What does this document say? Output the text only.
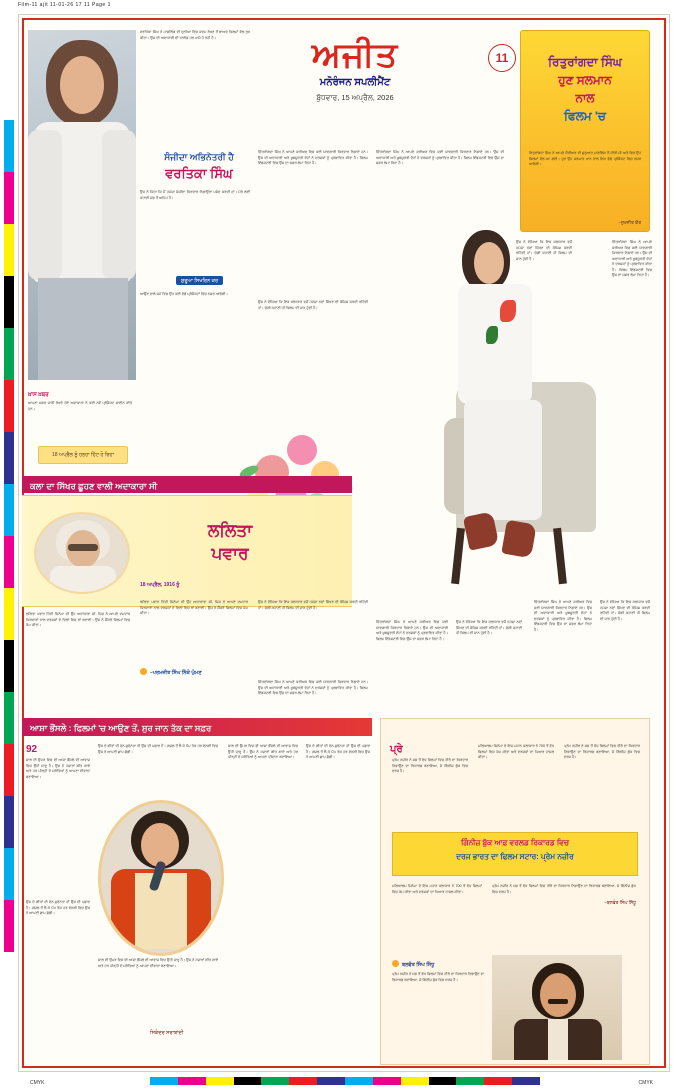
Film-11 ajit 11-01-26 17 11 Page 1
ਅਜੀਤ
ਮਨੋਰੰਜਨ ਸਪਲੀਮੈਂਟ
ਬੁੱਧਵਾਰ, 15 ਅਪ੍ਰੈਲ, 2026
11	ਰਿਤੁਰਾਂਗਦਾ ਸਿੰਘ
ਹੁਣ ਸਲਮਾਨ
ਨਾਲ
ਫਿਲਮ 'ਚ
ਰਿਤੁਰਾਂਗਦਾ ਸਿੰਘ ਨੇ ਆਪਣੇ ਕੈਰੀਅਰ ਦੀ ਸ਼ੁਰੂਆਤ ਮਾਡਲਿੰਗ ਤੋਂ ਕੀਤੀ ਸੀ ਅਤੇ ਫਿਰ ਉਹ ਫਿਲਮਾਂ ਵੱਲ ਆ ਗਈ। ਹੁਣ ਉਹ ਸਲਮਾਨ ਖਾਨ ਨਾਲ ਇਕ ਵੱਡੇ ਪ੍ਰੋਜੈਕਟ ਵਿਚ ਨਜ਼ਰ ਆਵੇਗੀ।
–ਸੁਖਜੀਤ ਕੌਰ
ਵਰਤਿਕਾ ਸਿੰਘ ਨੇ ਮਾਡਲਿੰਗ ਦੀ ਦੁਨੀਆ ਵਿਚ ਕਦਮ ਰੱਖਣ ਤੋਂ ਬਾਅਦ ਫਿਲਮਾਂ ਵੱਲ ਰੁਖ ਕੀਤਾ। ਉਸ ਦੀ ਅਦਾਕਾਰੀ ਦੀ ਤਾਰੀਫ਼ ਹਰ ਪਾਸੇ ਹੋ ਰਹੀ ਹੈ।
ਸੰਜੀਦਾ ਅਭਿਨੇਤਰੀ ਹੈ
ਵਰਤਿਕਾ ਸਿੰਘ
ਉਸ ਨੇ ਕਿਹਾ ਕਿ ਮੈਂ ਹਮੇਸ਼ਾ ਸੰਜੀਦਾ ਕਿਰਦਾਰ ਨਿਭਾਉਣਾ ਪਸੰਦ ਕਰਦੀ ਹਾਂ। ਮੇਰੇ ਲਈ ਕਹਾਣੀ ਸਭ ਤੋਂ ਅਹਿਮ ਹੈ।
ਸ਼ੁਰੂਆ ਸਿਖਰਿਨ ਕਰ
ਆਉਣ ਵਾਲੇ ਸਮੇਂ ਵਿਚ ਉਹ ਕਈ ਵੱਡੇ ਪ੍ਰੋਜੈਕਟਾਂ ਵਿਚ ਨਜ਼ਰ ਆਵੇਗੀ।
ਖ਼ਾਸ ਖ਼ਬਰ
ਆਪਣਾ ਸਫ਼ਰ ਜਾਰੀ ਰੱਖਦੇ ਹੋਏ ਅਦਾਕਾਰਾ ਨੇ ਕਈ ਨਵੇਂ ਪ੍ਰੋਜੈਕਟ ਸਾਈਨ ਕੀਤੇ ਹਨ।
18 ਅਪ੍ਰੈਲ ਨੂੰ ਹਨ੍ਹਾ ਹਿੱਟ ਹੋ ਰਿਹਾ
ਚਿੱਤਰਾਂਗਦਾ ਸਿੰਘ ਨੇ ਆਪਣੇ ਕਰੀਅਰ ਵਿਚ ਕਈ ਯਾਦਗਾਰੀ ਕਿਰਦਾਰ ਨਿਭਾਏ ਹਨ। ਉਸ ਦੀ ਅਦਾਕਾਰੀ ਅਤੇ ਖ਼ੂਬਸੂਰਤੀ ਦੋਹਾਂ ਨੇ ਦਰਸ਼ਕਾਂ ਨੂੰ ਪ੍ਰਭਾਵਿਤ ਕੀਤਾ ਹੈ। ਫਿਲਮ ਇੰਡਸਟਰੀ ਵਿਚ ਉਸ ਦਾ ਸਫ਼ਰ ਲੰਮਾ ਰਿਹਾ ਹੈ।
ਉਸ ਨੇ ਦੱਸਿਆ ਕਿ ਇਕ ਕਲਾਕਾਰ ਵਜੋਂ ਹਮੇਸ਼ਾ ਨਵਾਂ ਸਿੱਖਣ ਦੀ ਕੋਸ਼ਿਸ਼ ਕਰਦੀ ਰਹਿੰਦੀ ਹਾਂ। ਚੰਗੀ ਕਹਾਣੀ ਹੀ ਫਿਲਮ ਦੀ ਜਾਨ ਹੁੰਦੀ ਹੈ।
ਚਿੱਤਰਾਂਗਦਾ ਸਿੰਘ ਨੇ ਆਪਣੇ ਕਰੀਅਰ ਵਿਚ ਕਈ ਯਾਦਗਾਰੀ ਕਿਰਦਾਰ ਨਿਭਾਏ ਹਨ। ਉਸ ਦੀ ਅਦਾਕਾਰੀ ਅਤੇ ਖ਼ੂਬਸੂਰਤੀ ਦੋਹਾਂ ਨੇ ਦਰਸ਼ਕਾਂ ਨੂੰ ਪ੍ਰਭਾਵਿਤ ਕੀਤਾ ਹੈ। ਫਿਲਮ ਇੰਡਸਟਰੀ ਵਿਚ ਉਸ ਦਾ ਸਫ਼ਰ ਲੰਮਾ ਰਿਹਾ ਹੈ।
ਉਸ ਨੇ ਦੱਸਿਆ ਕਿ ਇਕ ਕਲਾਕਾਰ ਵਜੋਂ ਹਮੇਸ਼ਾ ਨਵਾਂ ਸਿੱਖਣ ਦੀ ਕੋਸ਼ਿਸ਼ ਕਰਦੀ ਰਹਿੰਦੀ ਹਾਂ। ਚੰਗੀ ਕਹਾਣੀ ਹੀ ਫਿਲਮ ਦੀ ਜਾਨ ਹੁੰਦੀ ਹੈ।
ਚਿੱਤਰਾਂਗਦਾ ਸਿੰਘ ਨੇ ਆਪਣੇ ਕਰੀਅਰ ਵਿਚ ਕਈ ਯਾਦਗਾਰੀ ਕਿਰਦਾਰ ਨਿਭਾਏ ਹਨ। ਉਸ ਦੀ ਅਦਾਕਾਰੀ ਅਤੇ ਖ਼ੂਬਸੂਰਤੀ ਦੋਹਾਂ ਨੇ ਦਰਸ਼ਕਾਂ ਨੂੰ ਪ੍ਰਭਾਵਿਤ ਕੀਤਾ ਹੈ। ਫਿਲਮ ਇੰਡਸਟਰੀ ਵਿਚ ਉਸ ਦਾ ਸਫ਼ਰ ਲੰਮਾ ਰਿਹਾ ਹੈ।
ਕਲਾ ਦਾ ਸਿੱਖਰ ਛੂਹਣ ਵਾਲੀ ਅਦਾਕਾਰਾ ਸੀ
ਲਲਿਤਾ
ਪਵਾਰ
ਲਲਿਤਾ ਪਵਾਰ ਹਿੰਦੀ ਸਿਨੇਮਾ ਦੀ ਉਹ ਅਦਾਕਾਰਾ ਸੀ, ਜਿਸ ਨੇ ਆਪਣੇ ਦਮਦਾਰ ਕਿਰਦਾਰਾਂ ਨਾਲ ਦਰਸ਼ਕਾਂ ਦੇ ਦਿਲਾਂ ਵਿਚ ਥਾਂ ਬਣਾਈ। ਉਸ ਨੇ ਸੈਂਕੜੇ ਫਿਲਮਾਂ ਵਿਚ ਕੰਮ ਕੀਤਾ।
ਲਲਿਤਾ ਪਵਾਰ ਹਿੰਦੀ ਸਿਨੇਮਾ ਦੀ ਉਹ ਅਦਾਕਾਰਾ ਸੀ, ਜਿਸ ਨੇ ਆਪਣੇ ਦਮਦਾਰ ਕਿਰਦਾਰਾਂ ਨਾਲ ਦਰਸ਼ਕਾਂ ਦੇ ਦਿਲਾਂ ਵਿਚ ਥਾਂ ਬਣਾਈ। ਉਸ ਨੇ ਸੈਂਕੜੇ ਫਿਲਮਾਂ ਵਿਚ ਕੰਮ ਕੀਤਾ।
18 ਅਪ੍ਰੈਲ, 1916 ਨੂੰ
–ਪਰਮਜੀਤ ਸਿੰਘ ਨਿੱਕੇ ਘੁੰਮਣ
ਉਸ ਨੇ ਦੱਸਿਆ ਕਿ ਇਕ ਕਲਾਕਾਰ ਵਜੋਂ ਹਮੇਸ਼ਾ ਨਵਾਂ ਸਿੱਖਣ ਦੀ ਕੋਸ਼ਿਸ਼ ਕਰਦੀ ਰਹਿੰਦੀ ਹਾਂ। ਚੰਗੀ ਕਹਾਣੀ ਹੀ ਫਿਲਮ ਦੀ ਜਾਨ ਹੁੰਦੀ ਹੈ।
ਚਿੱਤਰਾਂਗਦਾ ਸਿੰਘ ਨੇ ਆਪਣੇ ਕਰੀਅਰ ਵਿਚ ਕਈ ਯਾਦਗਾਰੀ ਕਿਰਦਾਰ ਨਿਭਾਏ ਹਨ। ਉਸ ਦੀ ਅਦਾਕਾਰੀ ਅਤੇ ਖ਼ੂਬਸੂਰਤੀ ਦੋਹਾਂ ਨੇ ਦਰਸ਼ਕਾਂ ਨੂੰ ਪ੍ਰਭਾਵਿਤ ਕੀਤਾ ਹੈ। ਫਿਲਮ ਇੰਡਸਟਰੀ ਵਿਚ ਉਸ ਦਾ ਸਫ਼ਰ ਲੰਮਾ ਰਿਹਾ ਹੈ।
ਚਿੱਤਰਾਂਗਦਾ ਸਿੰਘ ਨੇ ਆਪਣੇ ਕਰੀਅਰ ਵਿਚ ਕਈ ਯਾਦਗਾਰੀ ਕਿਰਦਾਰ ਨਿਭਾਏ ਹਨ। ਉਸ ਦੀ ਅਦਾਕਾਰੀ ਅਤੇ ਖ਼ੂਬਸੂਰਤੀ ਦੋਹਾਂ ਨੇ ਦਰਸ਼ਕਾਂ ਨੂੰ ਪ੍ਰਭਾਵਿਤ ਕੀਤਾ ਹੈ। ਫਿਲਮ ਇੰਡਸਟਰੀ ਵਿਚ ਉਸ ਦਾ ਸਫ਼ਰ ਲੰਮਾ ਰਿਹਾ ਹੈ।
ਉਸ ਨੇ ਦੱਸਿਆ ਕਿ ਇਕ ਕਲਾਕਾਰ ਵਜੋਂ ਹਮੇਸ਼ਾ ਨਵਾਂ ਸਿੱਖਣ ਦੀ ਕੋਸ਼ਿਸ਼ ਕਰਦੀ ਰਹਿੰਦੀ ਹਾਂ। ਚੰਗੀ ਕਹਾਣੀ ਹੀ ਫਿਲਮ ਦੀ ਜਾਨ ਹੁੰਦੀ ਹੈ।
ਚਿੱਤਰਾਂਗਦਾ ਸਿੰਘ ਨੇ ਆਪਣੇ ਕਰੀਅਰ ਵਿਚ ਕਈ ਯਾਦਗਾਰੀ ਕਿਰਦਾਰ ਨਿਭਾਏ ਹਨ। ਉਸ ਦੀ ਅਦਾਕਾਰੀ ਅਤੇ ਖ਼ੂਬਸੂਰਤੀ ਦੋਹਾਂ ਨੇ ਦਰਸ਼ਕਾਂ ਨੂੰ ਪ੍ਰਭਾਵਿਤ ਕੀਤਾ ਹੈ। ਫਿਲਮ ਇੰਡਸਟਰੀ ਵਿਚ ਉਸ ਦਾ ਸਫ਼ਰ ਲੰਮਾ ਰਿਹਾ ਹੈ।
ਉਸ ਨੇ ਦੱਸਿਆ ਕਿ ਇਕ ਕਲਾਕਾਰ ਵਜੋਂ ਹਮੇਸ਼ਾ ਨਵਾਂ ਸਿੱਖਣ ਦੀ ਕੋਸ਼ਿਸ਼ ਕਰਦੀ ਰਹਿੰਦੀ ਹਾਂ। ਚੰਗੀ ਕਹਾਣੀ ਹੀ ਫਿਲਮ ਦੀ ਜਾਨ ਹੁੰਦੀ ਹੈ।
ਆਸ਼ਾ ਭੌਂਸਲੇ : ਫਿਲਮਾਂ 'ਚ ਆਉਣ ਤੋਂ, ਸੁਰ ਜਾਨ ਤੱਕ ਦਾ ਸਫ਼ਰ
92
ਸਾਲ ਦੀ ਉਮਰ ਵਿਚ ਵੀ ਆਸ਼ਾ ਭੌਂਸਲੇ ਦੀ ਆਵਾਜ਼ ਵਿਚ ਉਹੀ ਜਾਦੂ ਹੈ। ਉਸ ਨੇ ਹਜ਼ਾਰਾਂ ਗੀਤ ਗਾਏ ਅਤੇ ਹਰ ਪੀੜ੍ਹੀ ਦੇ ਸਰੋਤਿਆਂ ਨੂੰ ਆਪਣਾ ਦੀਵਾਨਾ ਬਣਾਇਆ।
ਉਸ ਦੇ ਗੀਤਾਂ ਦੀ ਵੰਨ-ਸੁਵੰਨਤਾ ਹੀ ਉਸ ਦੀ ਪਛਾਣ ਹੈ। ਗ਼ਜ਼ਲ ਤੋਂ ਲੈ ਕੇ ਪੌਪ ਤੱਕ ਹਰ ਵੰਨਗੀ ਵਿਚ ਉਸ ਨੇ ਆਪਣੀ ਛਾਪ ਛੱਡੀ।
ਉਸ ਦੇ ਗੀਤਾਂ ਦੀ ਵੰਨ-ਸੁਵੰਨਤਾ ਹੀ ਉਸ ਦੀ ਪਛਾਣ ਹੈ। ਗ਼ਜ਼ਲ ਤੋਂ ਲੈ ਕੇ ਪੌਪ ਤੱਕ ਹਰ ਵੰਨਗੀ ਵਿਚ ਉਸ ਨੇ ਆਪਣੀ ਛਾਪ ਛੱਡੀ।
ਸਾਲ ਦੀ ਉਮਰ ਵਿਚ ਵੀ ਆਸ਼ਾ ਭੌਂਸਲੇ ਦੀ ਆਵਾਜ਼ ਵਿਚ ਉਹੀ ਜਾਦੂ ਹੈ। ਉਸ ਨੇ ਹਜ਼ਾਰਾਂ ਗੀਤ ਗਾਏ ਅਤੇ ਹਰ ਪੀੜ੍ਹੀ ਦੇ ਸਰੋਤਿਆਂ ਨੂੰ ਆਪਣਾ ਦੀਵਾਨਾ ਬਣਾਇਆ।
ਸਿਕੰਦਰ ਸਰਾਬਾਂਦੀ
ਸਾਲ ਦੀ ਉਮਰ ਵਿਚ ਵੀ ਆਸ਼ਾ ਭੌਂਸਲੇ ਦੀ ਆਵਾਜ਼ ਵਿਚ ਉਹੀ ਜਾਦੂ ਹੈ। ਉਸ ਨੇ ਹਜ਼ਾਰਾਂ ਗੀਤ ਗਾਏ ਅਤੇ ਹਰ ਪੀੜ੍ਹੀ ਦੇ ਸਰੋਤਿਆਂ ਨੂੰ ਆਪਣਾ ਦੀਵਾਨਾ ਬਣਾਇਆ।
ਉਸ ਦੇ ਗੀਤਾਂ ਦੀ ਵੰਨ-ਸੁਵੰਨਤਾ ਹੀ ਉਸ ਦੀ ਪਛਾਣ ਹੈ। ਗ਼ਜ਼ਲ ਤੋਂ ਲੈ ਕੇ ਪੌਪ ਤੱਕ ਹਰ ਵੰਨਗੀ ਵਿਚ ਉਸ ਨੇ ਆਪਣੀ ਛਾਪ ਛੱਡੀ।
ਪ੍ਰੇ
ਪ੍ਰੇਮ ਨਜ਼ੀਰ ਨੇ ਸਭ ਤੋਂ ਵੱਧ ਫਿਲਮਾਂ ਵਿਚ ਹੀਰੋ ਦਾ ਕਿਰਦਾਰ ਨਿਭਾਉਣ ਦਾ ਰਿਕਾਰਡ ਬਣਾਇਆ, ਜੋ ਗਿੰਨੀਜ਼ ਬੁੱਕ ਵਿਚ ਦਰਜ ਹੈ।
ਮਲਿਆਲਮ ਸਿਨੇਮਾ ਦੇ ਇਸ ਮਹਾਨ ਕਲਾਕਾਰ ਨੇ 700 ਤੋਂ ਵੱਧ ਫਿਲਮਾਂ ਵਿਚ ਕੰਮ ਕੀਤਾ ਅਤੇ ਦਰਸ਼ਕਾਂ ਦਾ ਪਿਆਰ ਹਾਸਲ ਕੀਤਾ।
ਪ੍ਰੇਮ ਨਜ਼ੀਰ ਨੇ ਸਭ ਤੋਂ ਵੱਧ ਫਿਲਮਾਂ ਵਿਚ ਹੀਰੋ ਦਾ ਕਿਰਦਾਰ ਨਿਭਾਉਣ ਦਾ ਰਿਕਾਰਡ ਬਣਾਇਆ, ਜੋ ਗਿੰਨੀਜ਼ ਬੁੱਕ ਵਿਚ ਦਰਜ ਹੈ।
ਗਿੰਨੀਜ਼ ਬੁੱਕ ਆਫ਼ ਵਰਲਡ ਰਿਕਾਰਡ ਵਿਚ
ਦਰਜ ਭਾਰਤ ਦਾ ਫਿਲਮ ਸਟਾਰ: ਪ੍ਰੇਮ ਨਜ਼ੀਰ
ਮਲਿਆਲਮ ਸਿਨੇਮਾ ਦੇ ਇਸ ਮਹਾਨ ਕਲਾਕਾਰ ਨੇ 700 ਤੋਂ ਵੱਧ ਫਿਲਮਾਂ ਵਿਚ ਕੰਮ ਕੀਤਾ ਅਤੇ ਦਰਸ਼ਕਾਂ ਦਾ ਪਿਆਰ ਹਾਸਲ ਕੀਤਾ।
ਪ੍ਰੇਮ ਨਜ਼ੀਰ ਨੇ ਸਭ ਤੋਂ ਵੱਧ ਫਿਲਮਾਂ ਵਿਚ ਹੀਰੋ ਦਾ ਕਿਰਦਾਰ ਨਿਭਾਉਣ ਦਾ ਰਿਕਾਰਡ ਬਣਾਇਆ, ਜੋ ਗਿੰਨੀਜ਼ ਬੁੱਕ ਵਿਚ ਦਰਜ ਹੈ।
ਬਲਵੰਤ ਸਿੰਘ ਸਿੱਧੂ
ਪ੍ਰੇਮ ਨਜ਼ੀਰ ਨੇ ਸਭ ਤੋਂ ਵੱਧ ਫਿਲਮਾਂ ਵਿਚ ਹੀਰੋ ਦਾ ਕਿਰਦਾਰ ਨਿਭਾਉਣ ਦਾ ਰਿਕਾਰਡ ਬਣਾਇਆ, ਜੋ ਗਿੰਨੀਜ਼ ਬੁੱਕ ਵਿਚ ਦਰਜ ਹੈ।
–ਬਲਵੰਤ ਸਿੰਘ ਸਿੱਧੂ
CMYK	CMYK
